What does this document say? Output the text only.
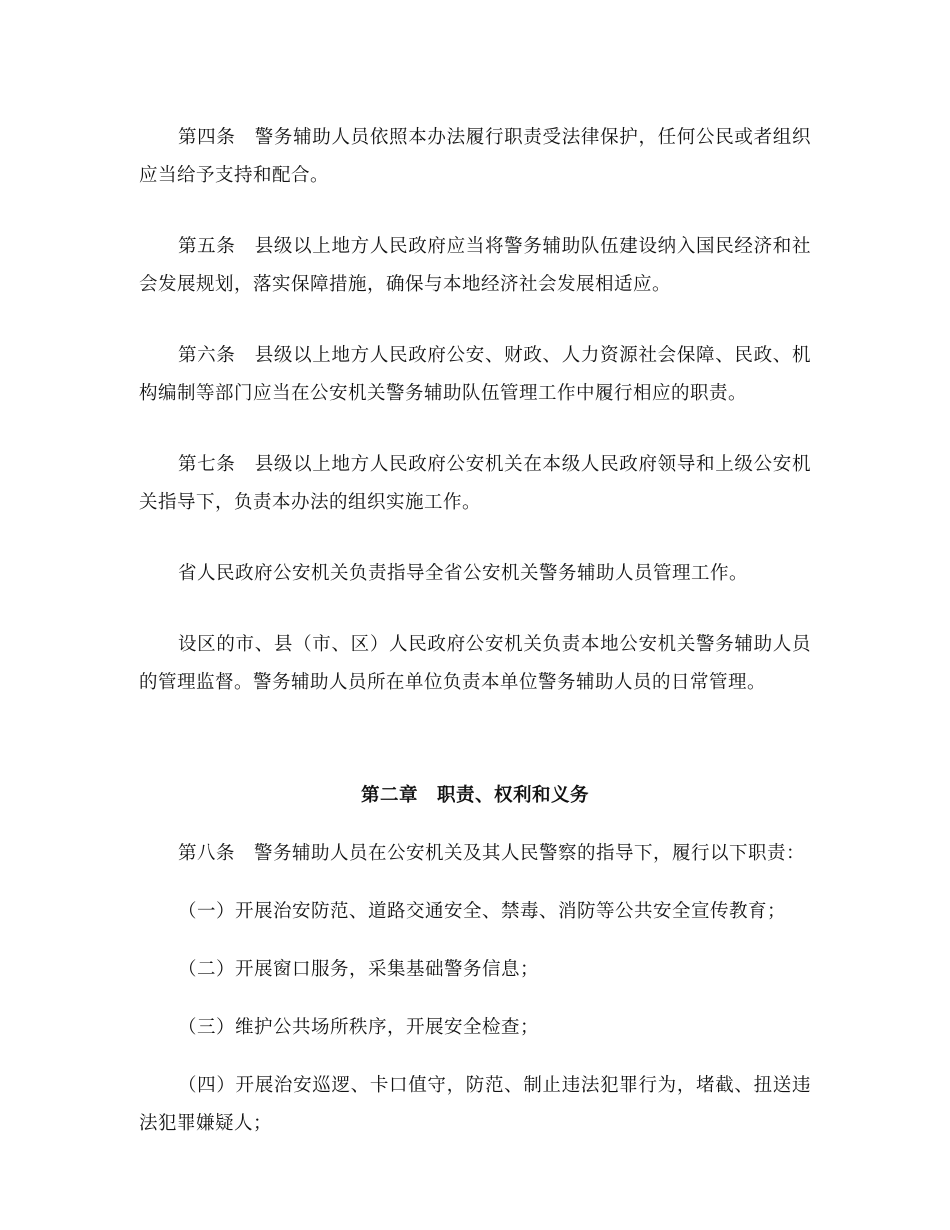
第四条　警务辅助人员依照本办法履行职责受法律保护，任何公民或者组织应当给予支持和配合。

第五条　县级以上地方人民政府应当将警务辅助队伍建设纳入国民经济和社会发展规划，落实保障措施，确保与本地经济社会发展相适应。

第六条　县级以上地方人民政府公安、财政、人力资源社会保障、民政、机构编制等部门应当在公安机关警务辅助队伍管理工作中履行相应的职责。

第七条　县级以上地方人民政府公安机关在本级人民政府领导和上级公安机关指导下，负责本办法的组织实施工作。

省人民政府公安机关负责指导全省公安机关警务辅助人员管理工作。

设区的市、县（市、区）人民政府公安机关负责本地公安机关警务辅助人员的管理监督。警务辅助人员所在单位负责本单位警务辅助人员的日常管理。

第二章　职责、权利和义务

第八条　警务辅助人员在公安机关及其人民警察的指导下，履行以下职责：

（一）开展治安防范、道路交通安全、禁毒、消防等公共安全宣传教育；

（二）开展窗口服务，采集基础警务信息；

（三）维护公共场所秩序，开展安全检查；

（四）开展治安巡逻、卡口值守，防范、制止违法犯罪行为，堵截、扭送违法犯罪嫌疑人；
